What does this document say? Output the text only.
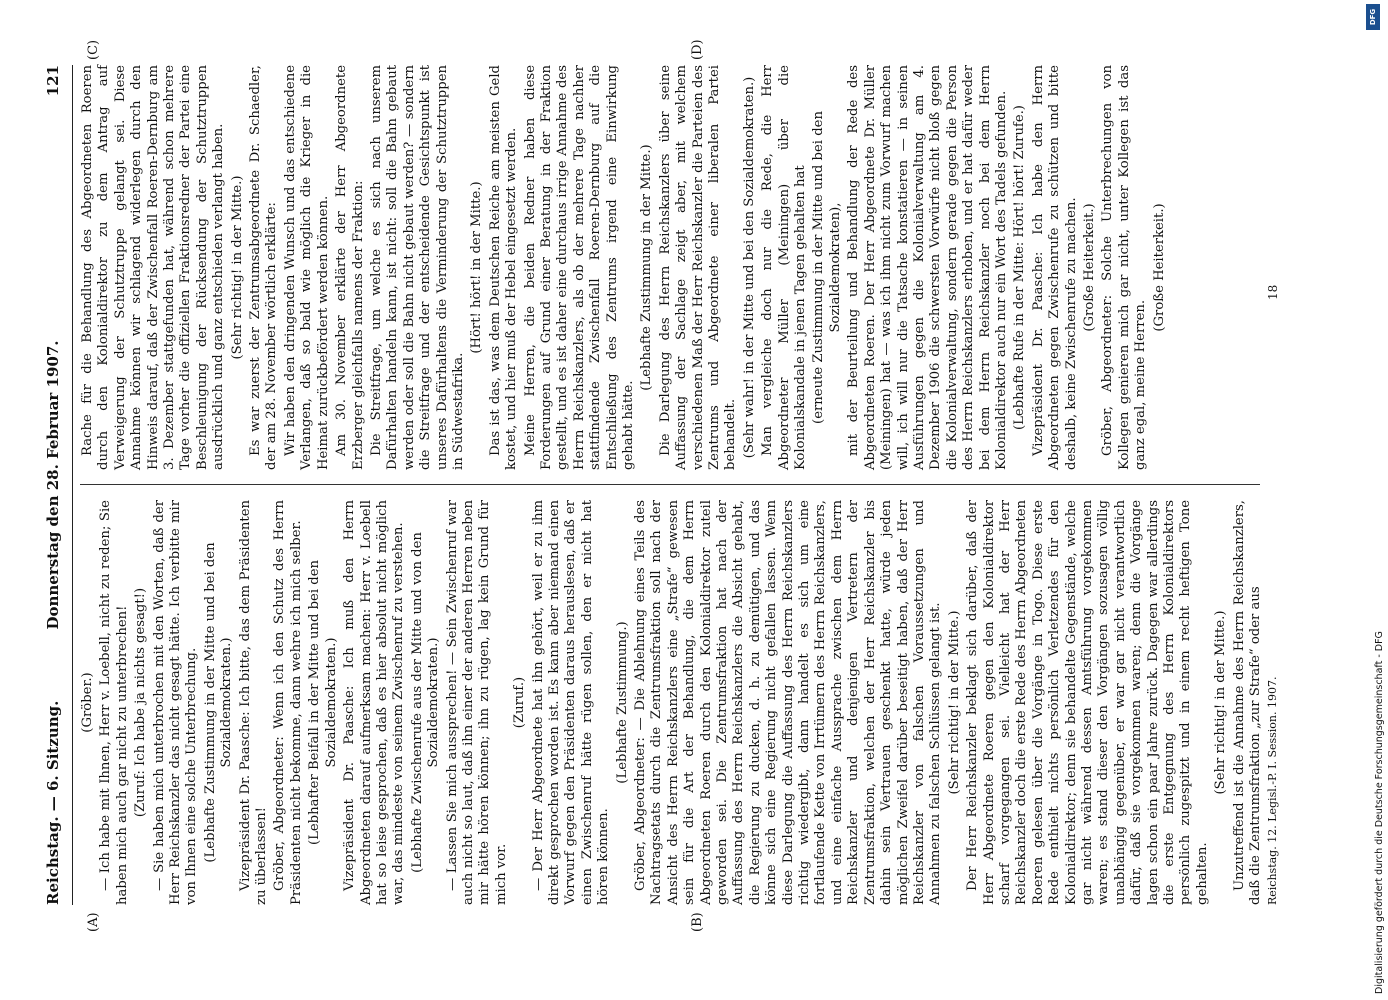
Reichstag. — 6. Sitzung.
Donnerstag den 28. Februar 1907.
121
(A)	(B)
(C)	(D)

(Gröber.) — Ich habe mit Ihnen, Herr v. Loebell, nicht zu reden; Sie haben mich auch gar nicht zu unterbrechen! (Zuruf: Ich habe ja nichts gesagt!) — Sie haben mich unterbrochen mit den Worten, daß der Herr Reichskanzler das nicht gesagt hätte. Ich verbitte mir von Ihnen eine solche Unterbrechung. (Lebhafte Zustimmung in der Mitte und bei den Sozialdemokraten.) Vizepräsident Dr. Paasche: Ich bitte, das dem Präsidenten zu überlassen! Gröber, Abgeordneter: Wenn ich den Schutz des Herrn Präsidenten nicht bekomme, dann wehre ich mich selber. (Lebhafter Beifall in der Mitte und bei den Sozialdemokraten.) Vizepräsident Dr. Paasche: Ich muß den Herrn Abgeordneten darauf aufmerksam machen: Herr v. Loebell hat so leise gesprochen, daß es hier absolut nicht möglich war, das mindeste von seinem Zwischenruf zu verstehen. (Lebhafte Zwischenrufe aus der Mitte und von den Sozialdemokraten.) — Lassen Sie mich aussprechen! — Sein Zwischenruf war auch nicht so laut, daß ihn einer der anderen Herren neben mir hätte hören können; ihn zu rügen, lag kein Grund für mich vor.

(Zuruf.) — Der Herr Abgeordnete hat ihn gehört, weil er zu ihm direkt gesprochen worden ist. Es kann aber niemand einen Vorwurf gegen den Präsidenten daraus herauslesen, daß er einen Zwischenruf hätte rügen sollen, den er nicht hat hören können.

(Lebhafte Zustimmung.) Gröber, Abgeordneter: — Die Ablehnung eines Teils des Nachtragsetats durch die Zentrumsfraktion soll nach der Ansicht des Herrn Reichskanzlers eine „Strafe“ gewesen sein für die Art der Behandlung, die dem Herrn Abgeordneten Roeren durch den Kolonialdirektor zuteil geworden sei. Die Zentrumsfraktion hat nach der Auffassung des Herrn Reichskanzlers die Absicht gehabt, die Regierung zu ducken, d. h. zu demütigen, und das könne sich eine Regierung nicht gefallen lassen. Wenn diese Darlegung die Auffassung des Herrn Reichskanzlers richtig wiedergibt, dann handelt es sich um eine fortlaufende Kette von Irrtümern des Herrn Reichskanzlers, und eine einfache Aussprache zwischen dem Herrn Reichskanzler und denjenigen Vertretern der Zentrumsfraktion, welchen der Herr Reichskanzler bis dahin sein Vertrauen geschenkt hatte, würde jeden möglichen Zweifel darüber beseitigt haben, daß der Herr Reichskanzler von falschen Voraussetzungen und Annahmen zu falschen Schlüssen gelangt ist. (Sehr richtig! in der Mitte.) Der Herr Reichskanzler beklagt sich darüber, daß der Herr Abgeordnete Roeren gegen den Kolonialdirektor scharf vorgegangen sei. Vielleicht hat der Herr Reichskanzler doch die erste Rede des Herrn Abgeordneten Roeren gelesen über die Vorgänge in Togo. Diese erste Rede enthielt nichts persönlich Verletzendes für den Kolonialdirektor; denn sie behandelte Gegenstände, welche gar nicht während dessen Amtsführung vorgekommen waren; es stand dieser den Vorgängen sozusagen völlig unabhängig gegenüber, er war gar nicht verantwortlich dafür, daß sie vorgekommen waren; denn die Vorgänge lagen schon ein paar Jahre zurück. Dagegen war allerdings die erste Entgegnung des Herrn Kolonialdirektors persönlich zugespitzt und in einem recht heftigen Tone gehalten.

(Sehr richtig! in der Mitte.) Unzutreffend ist die Annahme des Herrn Reichskanzlers, daß die Zentrumsfraktion „zur Strafe“ oder aus

Rache für die Behandlung des Abgeordneten Roeren durch den Kolonialdirektor zu dem Antrag auf Verweigerung der Schutztruppe gelangt sei. Diese Annahme können wir schlagend widerlegen durch den Hinweis darauf, daß der Zwischenfall Roeren-Dernburg am 3. Dezember stattgefunden hat, während schon mehrere Tage vorher die offiziellen Fraktionsredner der Partei eine Beschleunigung der Rücksendung der Schutztruppen ausdrücklich und ganz entschieden verlangt haben. (Sehr richtig! in der Mitte.) Es war zuerst der Zentrumsabgeordnete Dr. Schaedler, der am 28. November wörtlich erklärte: Wir haben den dringenden Wunsch und das entschiedene Verlangen, daß so bald wie möglich die Krieger in die Heimat zurückbefördert werden können. Am 30. November erklärte der Herr Abgeordnete Erzberger gleichfalls namens der Fraktion: Die Streitfrage, um welche es sich nach unserem Dafürhalten handeln kann, ist nicht: soll die Bahn gebaut werden oder soll die Bahn nicht gebaut werden? — sondern die Streitfrage und der entscheidende Gesichtspunkt ist unseres Dafürhaltens die Verminderung der Schutztruppen in Südwestafrika.

(Hört! hört! in der Mitte.) Das ist das, was dem Deutschen Reiche am meisten Geld kostet, und hier muß der Hebel eingesetzt werden. Meine Herren, die beiden Redner haben diese Forderungen auf Grund einer Beratung in der Fraktion gestellt, und es ist daher eine durchaus irrige Annahme des Herrn Reichskanzlers, als ob der mehrere Tage nachher stattfindende Zwischenfall Roeren-Dernburg auf die Entschließung des Zentrums irgend eine Einwirkung gehabt hätte.

(Lebhafte Zustimmung in der Mitte.) Die Darlegung des Herrn Reichskanzlers über seine Auffassung der Sachlage zeigt aber, mit welchem verschiedenen Maß der Herr Reichskanzler die Parteien des Zentrums und Abgeordnete einer liberalen Partei behandelt. (Sehr wahr! in der Mitte und bei den Sozialdemokraten.) Man vergleiche doch nur die Rede, die Herr Abgeordneter Müller (Meiningen) über die Kolonialskandale in jenen Tagen gehalten hat (erneute Zustimmung in der Mitte und bei den Sozialdemokraten), mit der Beurteilung und Behandlung der Rede des Abgeordneten Roeren. Der Herr Abgeordnete Dr. Müller (Meiningen) hat — was ich ihm nicht zum Vorwurf machen will, ich will nur die Tatsache konstatieren — in seinen Ausführungen gegen die Kolonialverwaltung am 4. Dezember 1906 die schwersten Vorwürfe nicht bloß gegen die Kolonialverwaltung, sondern gerade gegen die Person des Herrn Reichskanzlers erhoben, und er hat dafür weder bei dem Herrn Reichskanzler noch bei dem Herrn Kolonialdirektor auch nur ein Wort des Tadels gefunden. (Lebhafte Rufe in der Mitte: Hört! hört! Zurufe.) Vizepräsident Dr. Paasche: Ich habe den Herrn Abgeordneten gegen Zwischenrufe zu schützen und bitte deshalb, keine Zwischenrufe zu machen. (Große Heiterkeit.) Gröber, Abgeordneter: Solche Unterbrechungen von Kollegen genieren mich gar nicht, unter Kollegen ist das ganz egal, meine Herren.

(Große Heiterkeit.)

Reichstag. 12. Legisl.-P. I. Session. 1907.
18
DFG
Digitalisierung gefördert durch die Deutsche Forschungsgemeinschaft - DFG
